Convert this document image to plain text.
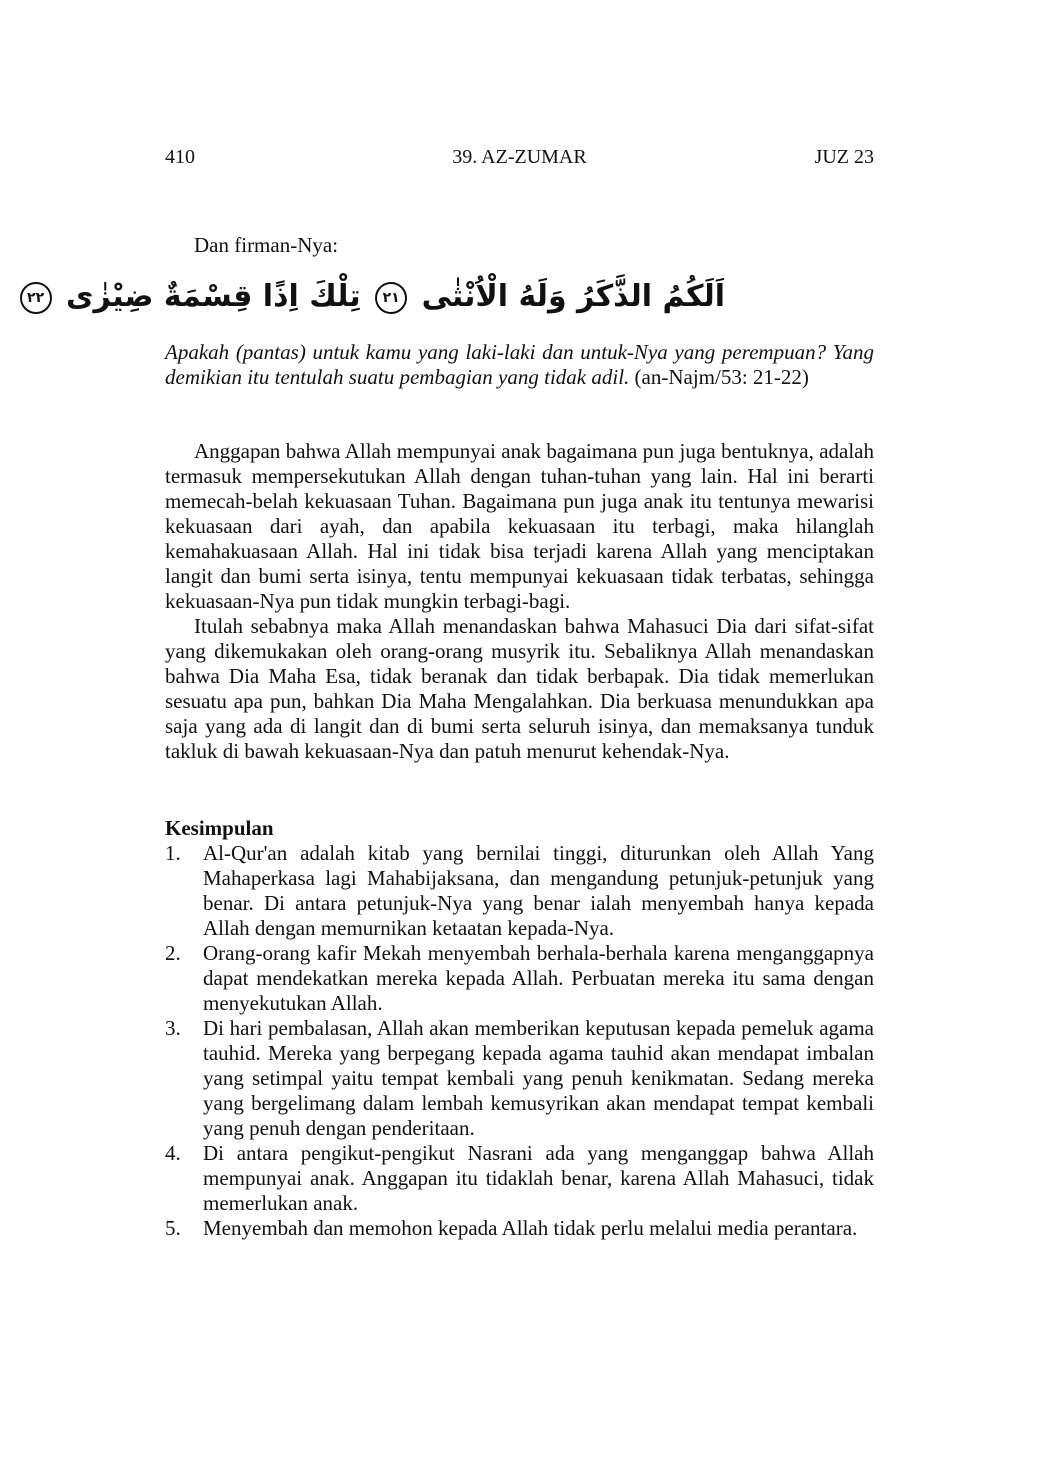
410	39. AZ-ZUMAR	JUZ 23
Dan firman-Nya:
اَلَكُمُ الذَّكَرُ وَلَهُ الْاُنْثٰى ٢١ تِلْكَ اِذًا قِسْمَةٌ ضِيْزٰى ٢٢
Apakah (pantas) untuk kamu yang laki-laki dan untuk-Nya yang perempuan? Yang demikian itu tentulah suatu pembagian yang tidak adil. (an-Najm/53: 21-22)

Anggapan bahwa Allah mempunyai anak bagaimana pun juga bentuknya, adalah termasuk mempersekutukan Allah dengan tuhan-tuhan yang lain. Hal ini berarti memecah-belah kekuasaan Tuhan. Bagaimana pun juga anak itu tentunya mewarisi kekuasaan dari ayah, dan apabila kekuasaan itu terbagi, maka hilanglah kemahakuasaan Allah. Hal ini tidak bisa terjadi karena Allah yang menciptakan langit dan bumi serta isinya, tentu mempunyai kekuasaan tidak terbatas, sehingga kekuasaan-Nya pun tidak mungkin terbagi-bagi.

Itulah sebabnya maka Allah menandaskan bahwa Mahasuci Dia dari sifat-sifat yang dikemukakan oleh orang-orang musyrik itu. Sebaliknya Allah menandaskan bahwa Dia Maha Esa, tidak beranak dan tidak berbapak. Dia tidak memerlukan sesuatu apa pun, bahkan Dia Maha Mengalahkan. Dia berkuasa menundukkan apa saja yang ada di langit dan di bumi serta seluruh isinya, dan memaksanya tunduk takluk di bawah kekuasaan-Nya dan patuh menurut kehendak-Nya.

Kesimpulan
1. Al-Qur'an adalah kitab yang bernilai tinggi, diturunkan oleh Allah Yang Mahaperkasa lagi Mahabijaksana, dan mengandung petunjuk-petunjuk yang benar. Di antara petunjuk-Nya yang benar ialah menyembah hanya kepada Allah dengan memurnikan ketaatan kepada-Nya.
2. Orang-orang kafir Mekah menyembah berhala-berhala karena menganggapnya dapat mendekatkan mereka kepada Allah. Perbuatan mereka itu sama dengan menyekutukan Allah.
3. Di hari pembalasan, Allah akan memberikan keputusan kepada pemeluk agama tauhid. Mereka yang berpegang kepada agama tauhid akan mendapat imbalan yang setimpal yaitu tempat kembali yang penuh kenikmatan. Sedang mereka yang bergelimang dalam lembah kemusyrikan akan mendapat tempat kembali yang penuh dengan penderitaan.
4. Di antara pengikut-pengikut Nasrani ada yang menganggap bahwa Allah mempunyai anak. Anggapan itu tidaklah benar, karena Allah Mahasuci, tidak memerlukan anak.
5. Menyembah dan memohon kepada Allah tidak perlu melalui media perantara.
